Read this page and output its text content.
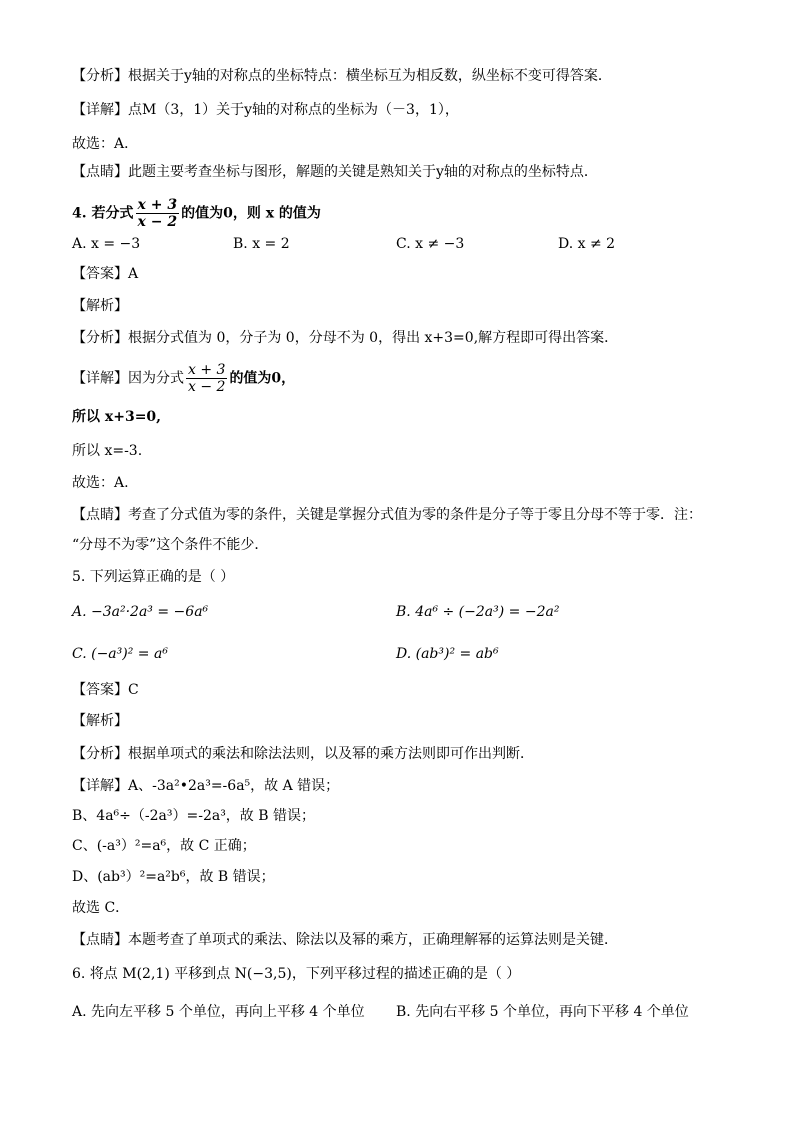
【分析】根据关于y轴的对称点的坐标特点：横坐标互为相反数，纵坐标不变可得答案．
【详解】点M（3，1）关于y轴的对称点的坐标为（－3，1），
故选：A．
【点睛】此题主要考查坐标与图形，解题的关键是熟知关于y轴的对称点的坐标特点．
4. 若分式 $\frac{x + 3}{x - 2}$ 的值为0，则 x 的值为
A. x = −3	B. x = 2	C. x ≠ −3	D. x ≠ 2
【答案】A
【解析】
【分析】根据分式值为 0，分子为 0，分母不为 0，得出 x+3=0,解方程即可得出答案．
【详解】因为分式 $\frac{x + 3}{x - 2}$ 的值为0，
所以 x+3=0,
所以 x=-3.
故选：A.
【点睛】考查了分式值为零的条件，关键是掌握分式值为零的条件是分子等于零且分母不等于零．注：
“分母不为零”这个条件不能少．
5. 下列运算正确的是（ ）
A. −3a²·2a³ = −6a⁶	B. 4a⁶ ÷ (−2a³) = −2a²
C. (−a³)² = a⁶	D. (ab³)² = ab⁶
【答案】C
【解析】
【分析】根据单项式的乘法和除法法则，以及幂的乘方法则即可作出判断．
【详解】A、-3a²•2a³=-6a⁵，故 A 错误；
B、4a⁶÷（-2a³）=-2a³，故 B 错误；
C、(-a³）²=a⁶，故 C 正确；
D、(ab³）²=a²b⁶，故 B 错误；
故选 C．
【点睛】本题考查了单项式的乘法、除法以及幂的乘方，正确理解幂的运算法则是关键．
6. 将点 M(2,1) 平移到点 N(−3,5)，下列平移过程的描述正确的是（ ）
A. 先向左平移 5 个单位，再向上平移 4 个单位 B. 先向右平移 5 个单位，再向下平移 4 个单位
